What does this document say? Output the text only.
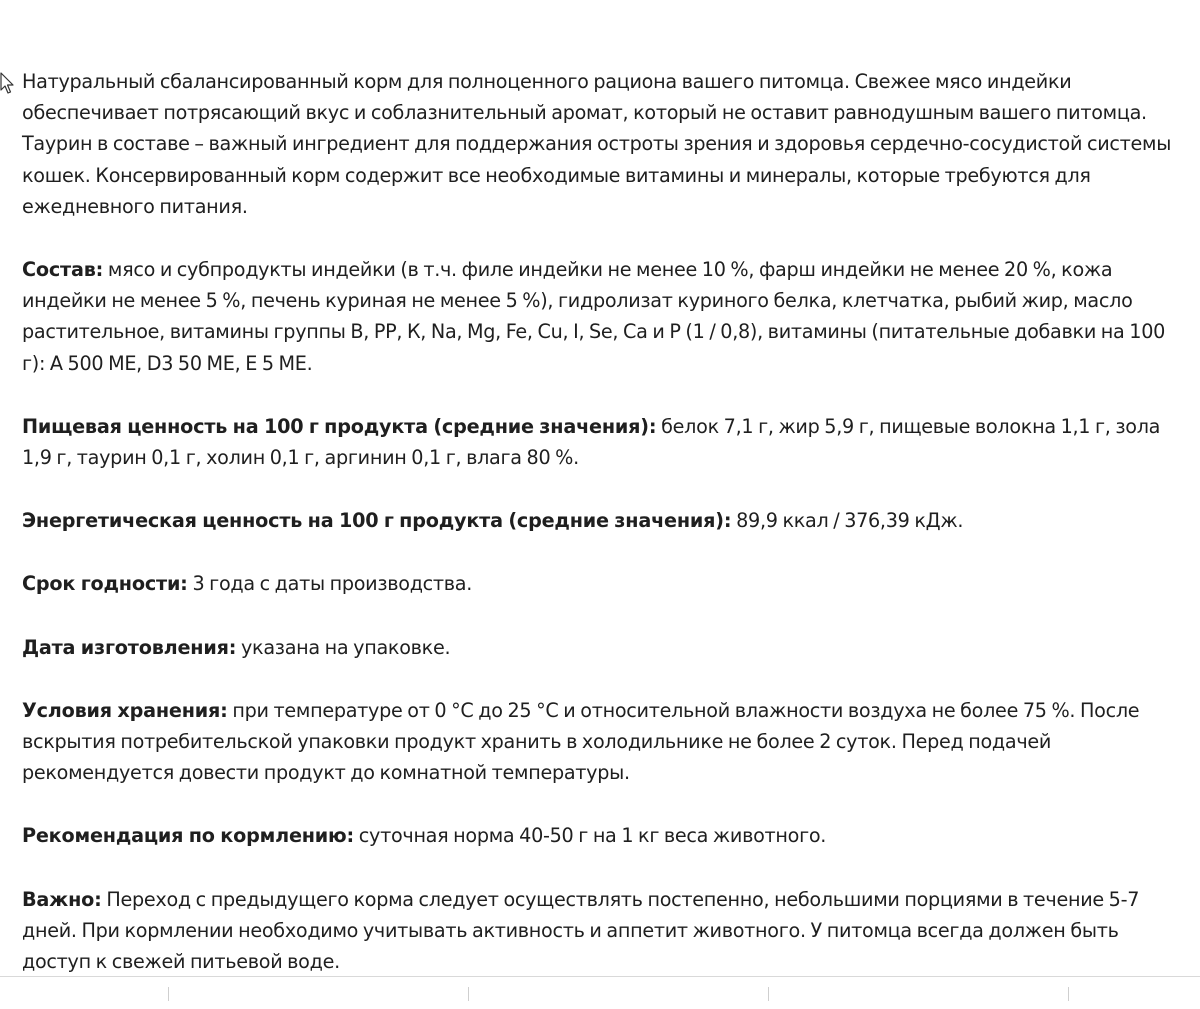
Натуральный сбалансированный корм для полноценного рациона вашего питомца. Свежее мясо индейки обеспечивает потрясающий вкус и соблазнительный аромат, который не оставит равнодушным вашего питомца. Таурин в составе – важный ингредиент для поддержания остроты зрения и здоровья сердечно-сосудистой системы кошек. Консервированный корм содержит все необходимые витамины и минералы, которые требуются для ежедневного питания.

Состав: мясо и субпродукты индейки (в т.ч. филе индейки не менее 10 %, фарш индейки не менее 20 %, кожа индейки не менее 5 %, печень куриная не менее 5 %), гидролизат куриного белка, клетчатка, рыбий жир, масло растительное, витамины группы В, РР, К, Na, Mg, Fe, Cu, I, Se, Ca и Р (1 / 0,8), витамины (питательные добавки на 100 г): А 500 МЕ, D3 50 МЕ, Е 5 МЕ.

Пищевая ценность на 100 г продукта (средние значения): белок 7,1 г, жир 5,9 г, пищевые волокна 1,1 г, зола 1,9 г, таурин 0,1 г, холин 0,1 г, аргинин 0,1 г, влага 80 %.

Энергетическая ценность на 100 г продукта (средние значения): 89,9 ккал / 376,39 кДж.

Срок годности: 3 года с даты производства.

Дата изготовления: указана на упаковке.

Условия хранения: при температуре от 0 °С до 25 °С и относительной влажности воздуха не более 75 %. После вскрытия потребительской упаковки продукт хранить в холодильнике не более 2 суток. Перед подачей рекомендуется довести продукт до комнатной температуры.

Рекомендация по кормлению: суточная норма 40-50 г на 1 кг веса животного.

Важно: Переход с предыдущего корма следует осуществлять постепенно, небольшими порциями в течение 5-7 дней. При кормлении необходимо учитывать активность и аппетит животного. У питомца всегда должен быть доступ к свежей питьевой воде.
